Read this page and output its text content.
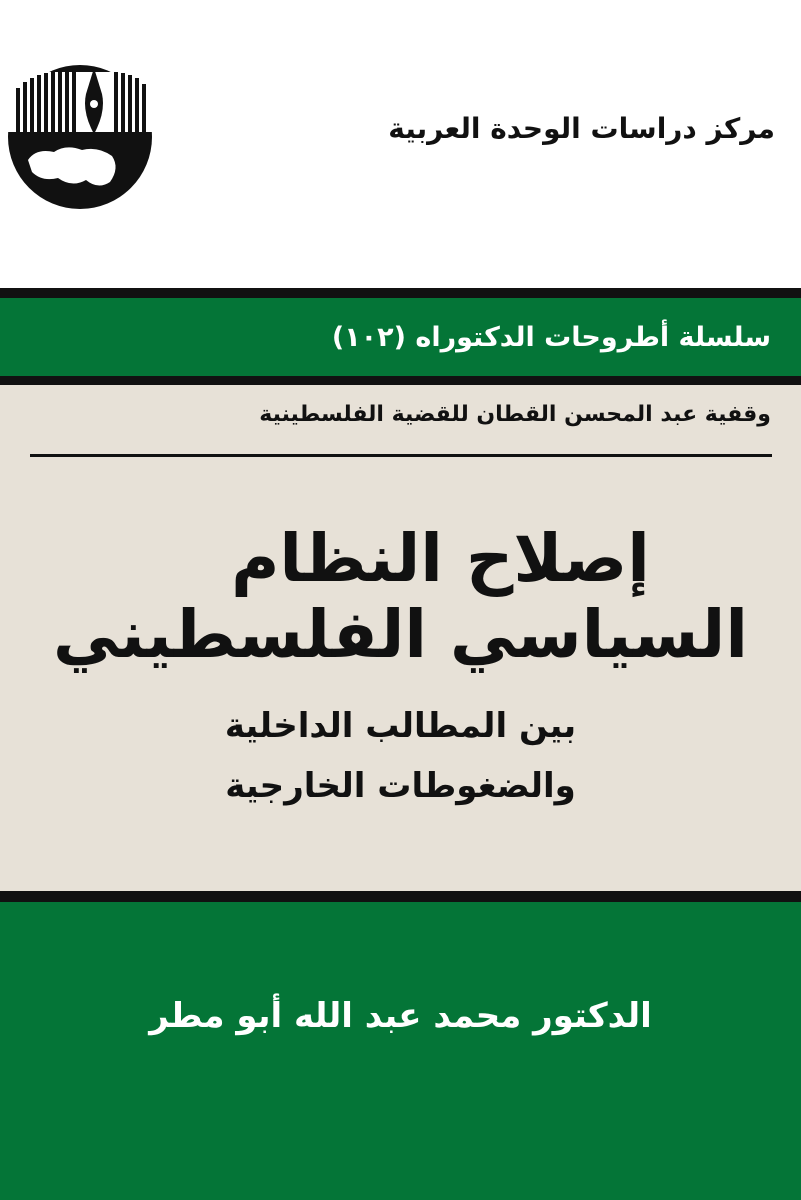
مركز دراسات الوحدة العربية
سلسلة أطروحات الدكتوراه (١٠٢)
وقفية عبد المحسن القطان للقضية الفلسطينية
إصلاح النظام
السياسي الفلسطيني
بين المطالب الداخلية
والضغوطات الخارجية
الدكتور محمد عبد الله أبو مطر
